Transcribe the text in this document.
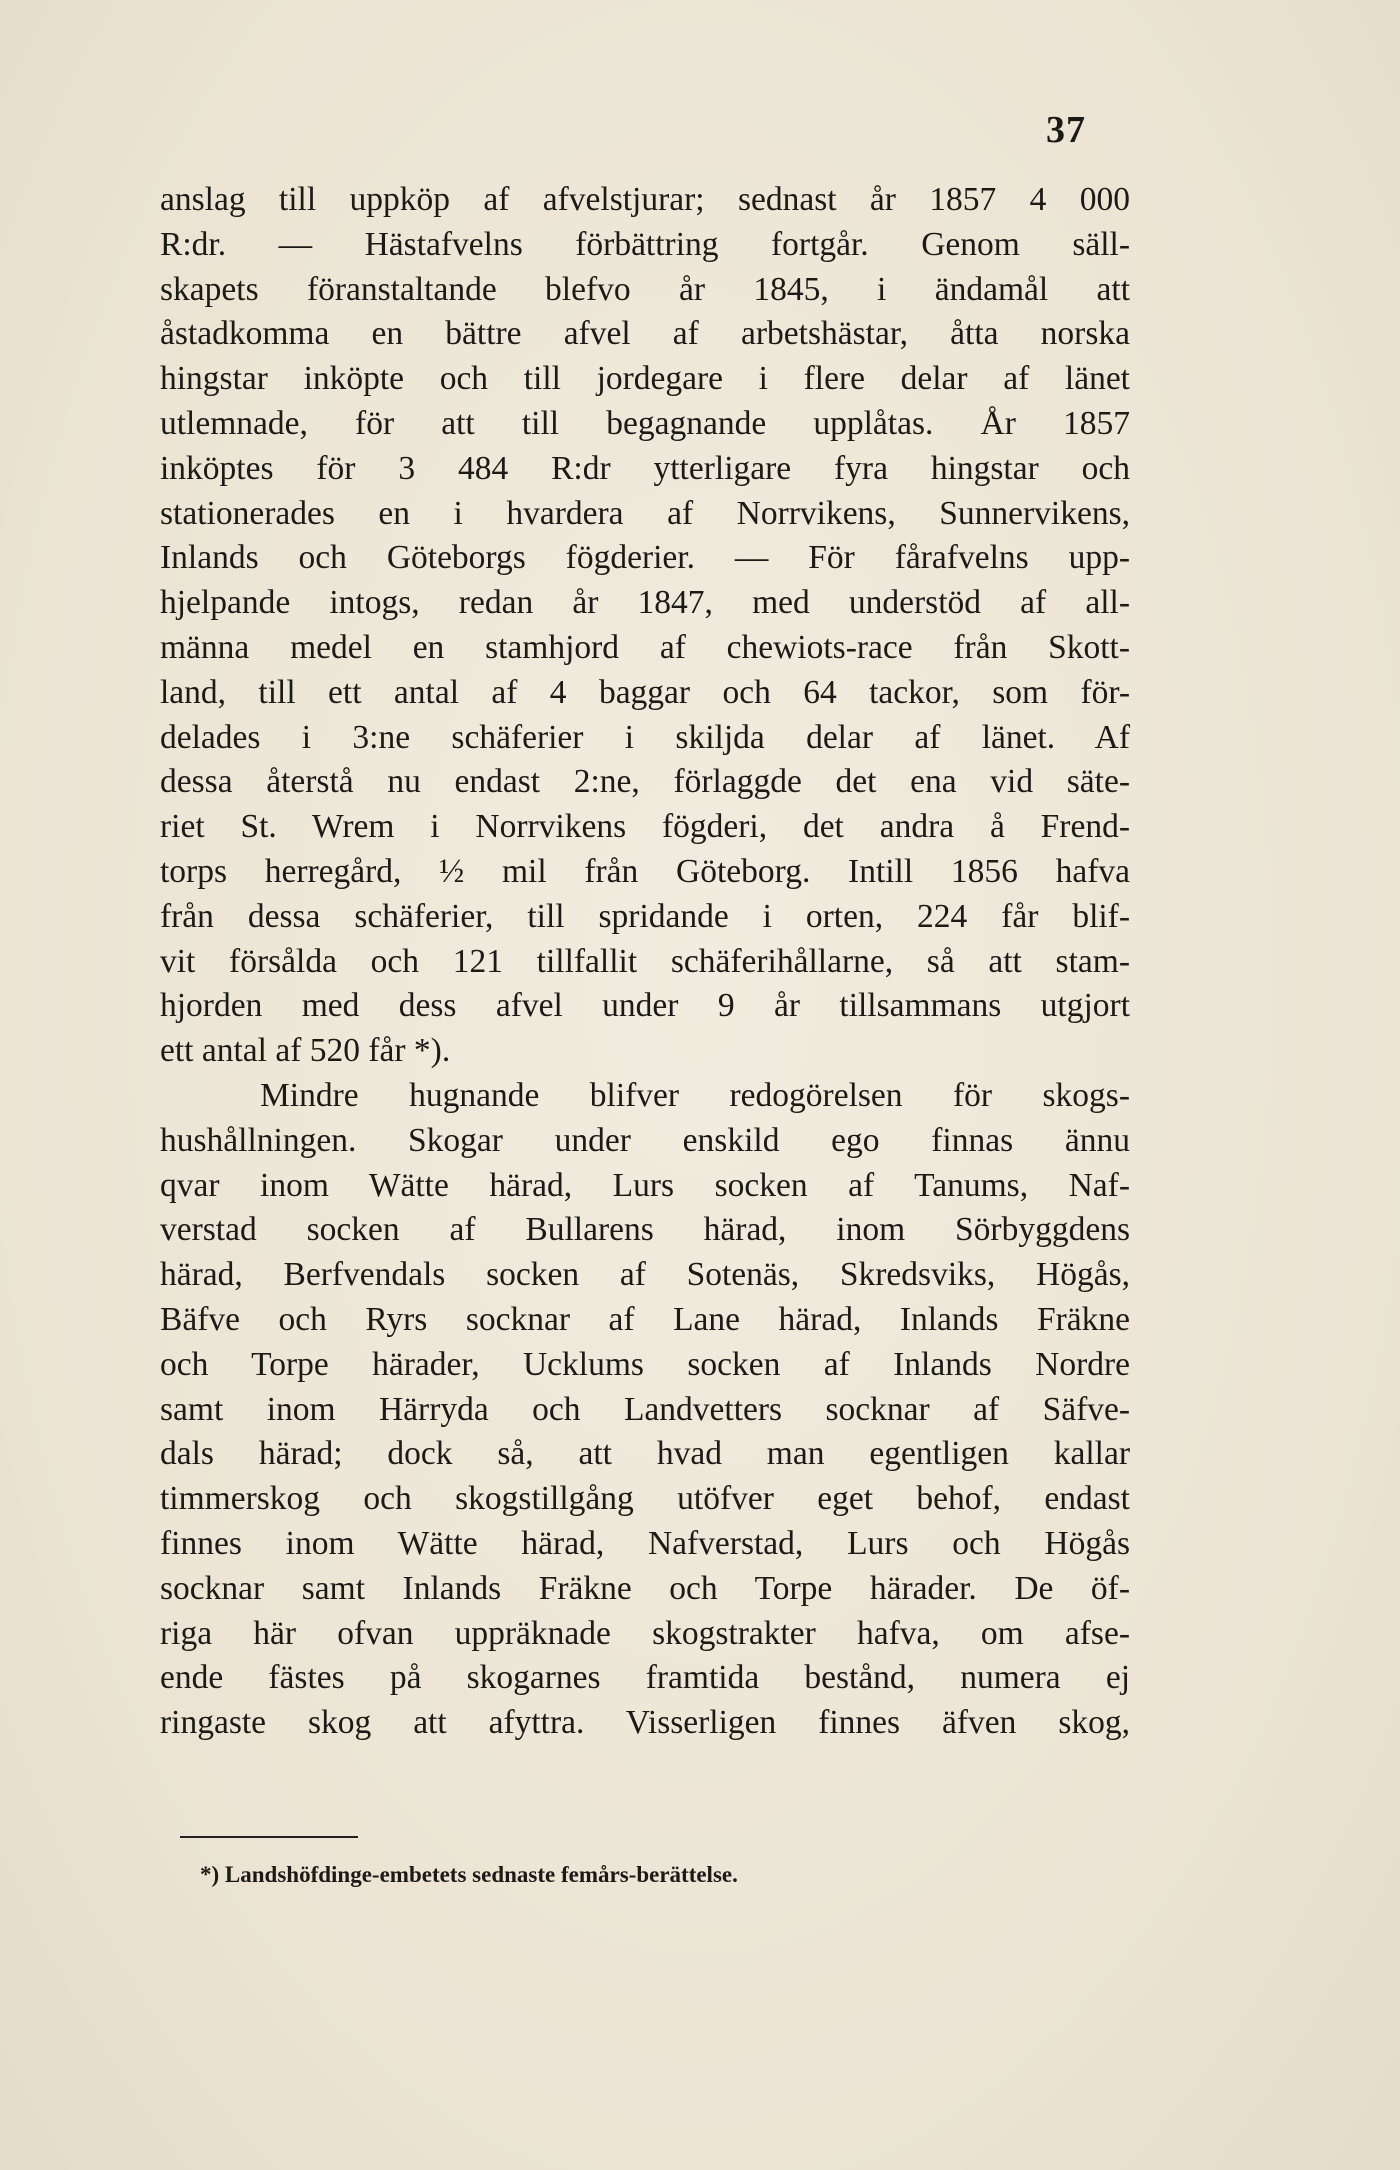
37
anslag till uppköp af afvelstjurar; sednast år 1857 4 000
R:dr. — Hästafvelns förbättring fortgår. Genom säll-
skapets föranstaltande blefvo år 1845, i ändamål att
åstadkomma en bättre afvel af arbetshästar, åtta norska
hingstar inköpte och till jordegare i flere delar af länet
utlemnade, för att till begagnande upplåtas. År 1857
inköptes för 3 484 R:dr ytterligare fyra hingstar och
stationerades en i hvardera af Norrvikens, Sunnervikens,
Inlands och Göteborgs fögderier. — För fårafvelns upp-
hjelpande intogs, redan år 1847, med understöd af all-
männa medel en stamhjord af chewiots-race från Skott-
land, till ett antal af 4 baggar och 64 tackor, som för-
delades i 3:ne schäferier i skiljda delar af länet. Af
dessa återstå nu endast 2:ne, förlaggde det ena vid säte-
riet St. Wrem i Norrvikens fögderi, det andra å Frend-
torps herregård, ½ mil från Göteborg. Intill 1856 hafva
från dessa schäferier, till spridande i orten, 224 får blif-
vit försålda och 121 tillfallit schäferihållarne, så att stam-
hjorden med dess afvel under 9 år tillsammans utgjort
ett antal af 520 får *).
Mindre hugnande blifver redogörelsen för skogs-
hushållningen. Skogar under enskild ego finnas ännu
qvar inom Wätte härad, Lurs socken af Tanums, Naf-
verstad socken af Bullarens härad, inom Sörbyggdens
härad, Berfvendals socken af Sotenäs, Skredsviks, Högås,
Bäfve och Ryrs socknar af Lane härad, Inlands Fräkne
och Torpe härader, Ucklums socken af Inlands Nordre
samt inom Härryda och Landvetters socknar af Säfve-
dals härad; dock så, att hvad man egentligen kallar
timmerskog och skogstillgång utöfver eget behof, endast
finnes inom Wätte härad, Nafverstad, Lurs och Högås
socknar samt Inlands Fräkne och Torpe härader. De öf-
riga här ofvan uppräknade skogstrakter hafva, om afse-
ende fästes på skogarnes framtida bestånd, numera ej
ringaste skog att afyttra. Visserligen finnes äfven skog,
*) Landshöfdinge-embetets sednaste femårs-berättelse.
